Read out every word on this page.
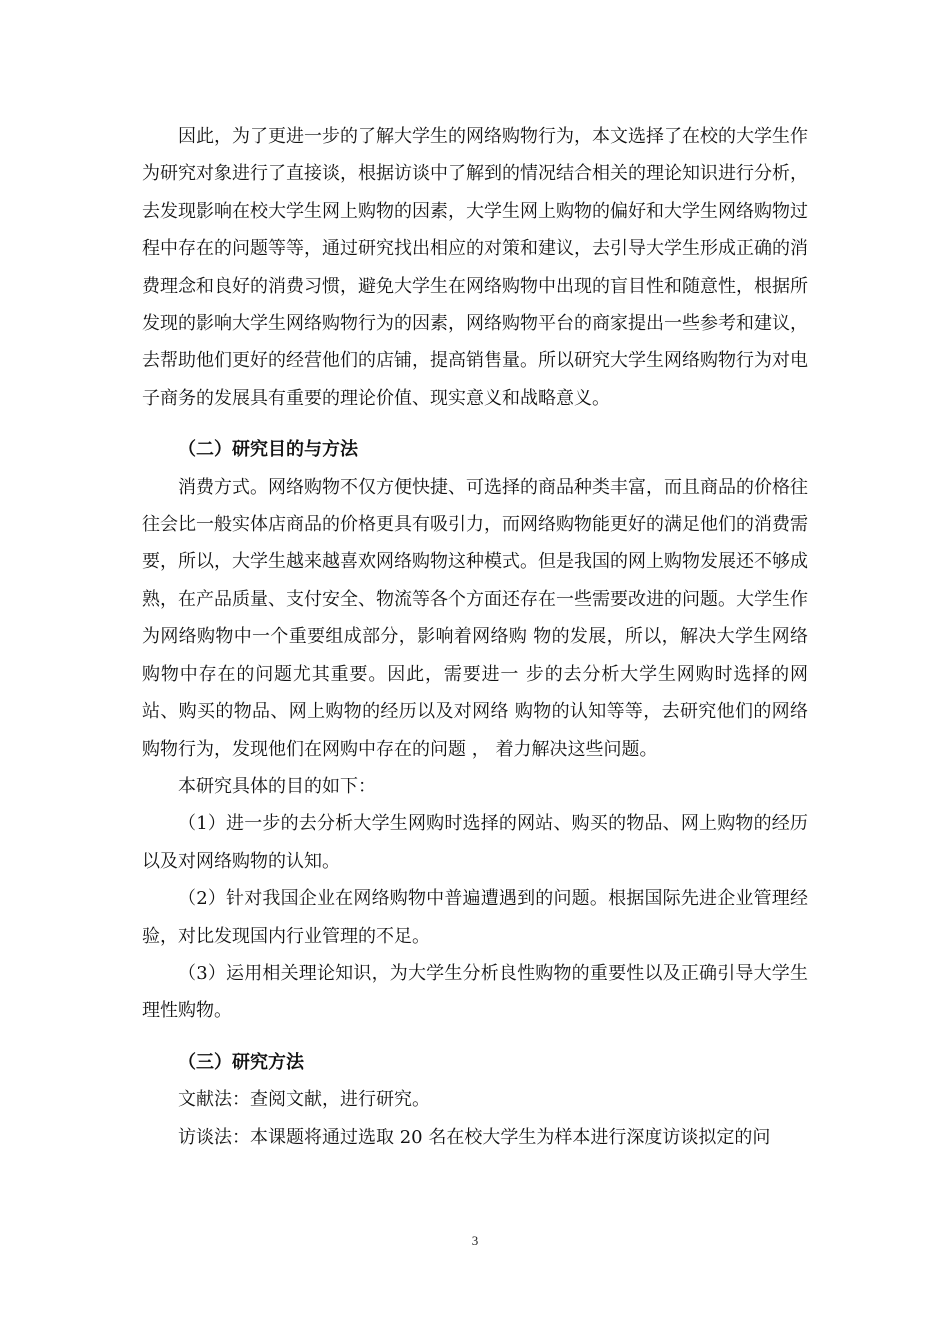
因此，为了更进一步的了解大学生的网络购物行为，本文选择了在校的大学生作为研究对象进行了直接谈，根据访谈中了解到的情况结合相关的理论知识进行分析，去发现影响在校大学生网上购物的因素，大学生网上购物的偏好和大学生网络购物过程中存在的问题等等，通过研究找出相应的对策和建议，去引导大学生形成正确的消费理念和良好的消费习惯，避免大学生在网络购物中出现的盲目性和随意性，根据所发现的影响大学生网络购物行为的因素，网络购物平台的商家提出一些参考和建议，去帮助他们更好的经营他们的店铺，提高销售量。所以研究大学生网络购物行为对电子商务的发展具有重要的理论价值、现实意义和战略意义。

（二）研究目的与方法

消费方式。网络购物不仅方便快捷、可选择的商品种类丰富，而且商品的价格往 往会比一般实体店商品的价格更具有吸引力，而网络购物能更好的满足他们的消费需要，所以，大学生越来越喜欢网络购物这种模式。但是我国的网上购物发展还不够成熟，在产品质量、支付安全、物流等各个方面还存在一些需要改进的问题。大学生作为网络购物中一个重要组成部分，影响着网络购 物的发展，所以，解决大学生网络购物中存在的问题尤其重要。因此，需要进一 步的去分析大学生网购时选择的网站、购买的物品、网上购物的经历以及对网络 购物的认知等等，去研究他们的网络购物行为，发现他们在网购中存在的问题 ， 着力解决这些问题。

本研究具体的目的如下：

（1）进一步的去分析大学生网购时选择的网站、购买的物品、网上购物的经历以及对网络购物的认知。

（2）针对我国企业在网络购物中普遍遭遇到的问题。根据国际先进企业管理经验，对比发现国内行业管理的不足。

（3）运用相关理论知识，为大学生分析良性购物的重要性以及正确引导大学生理性购物。

（三）研究方法

文献法：查阅文献，进行研究。

访谈法：本课题将通过选取 20 名在校大学生为样本进行深度访谈拟定的问

3
